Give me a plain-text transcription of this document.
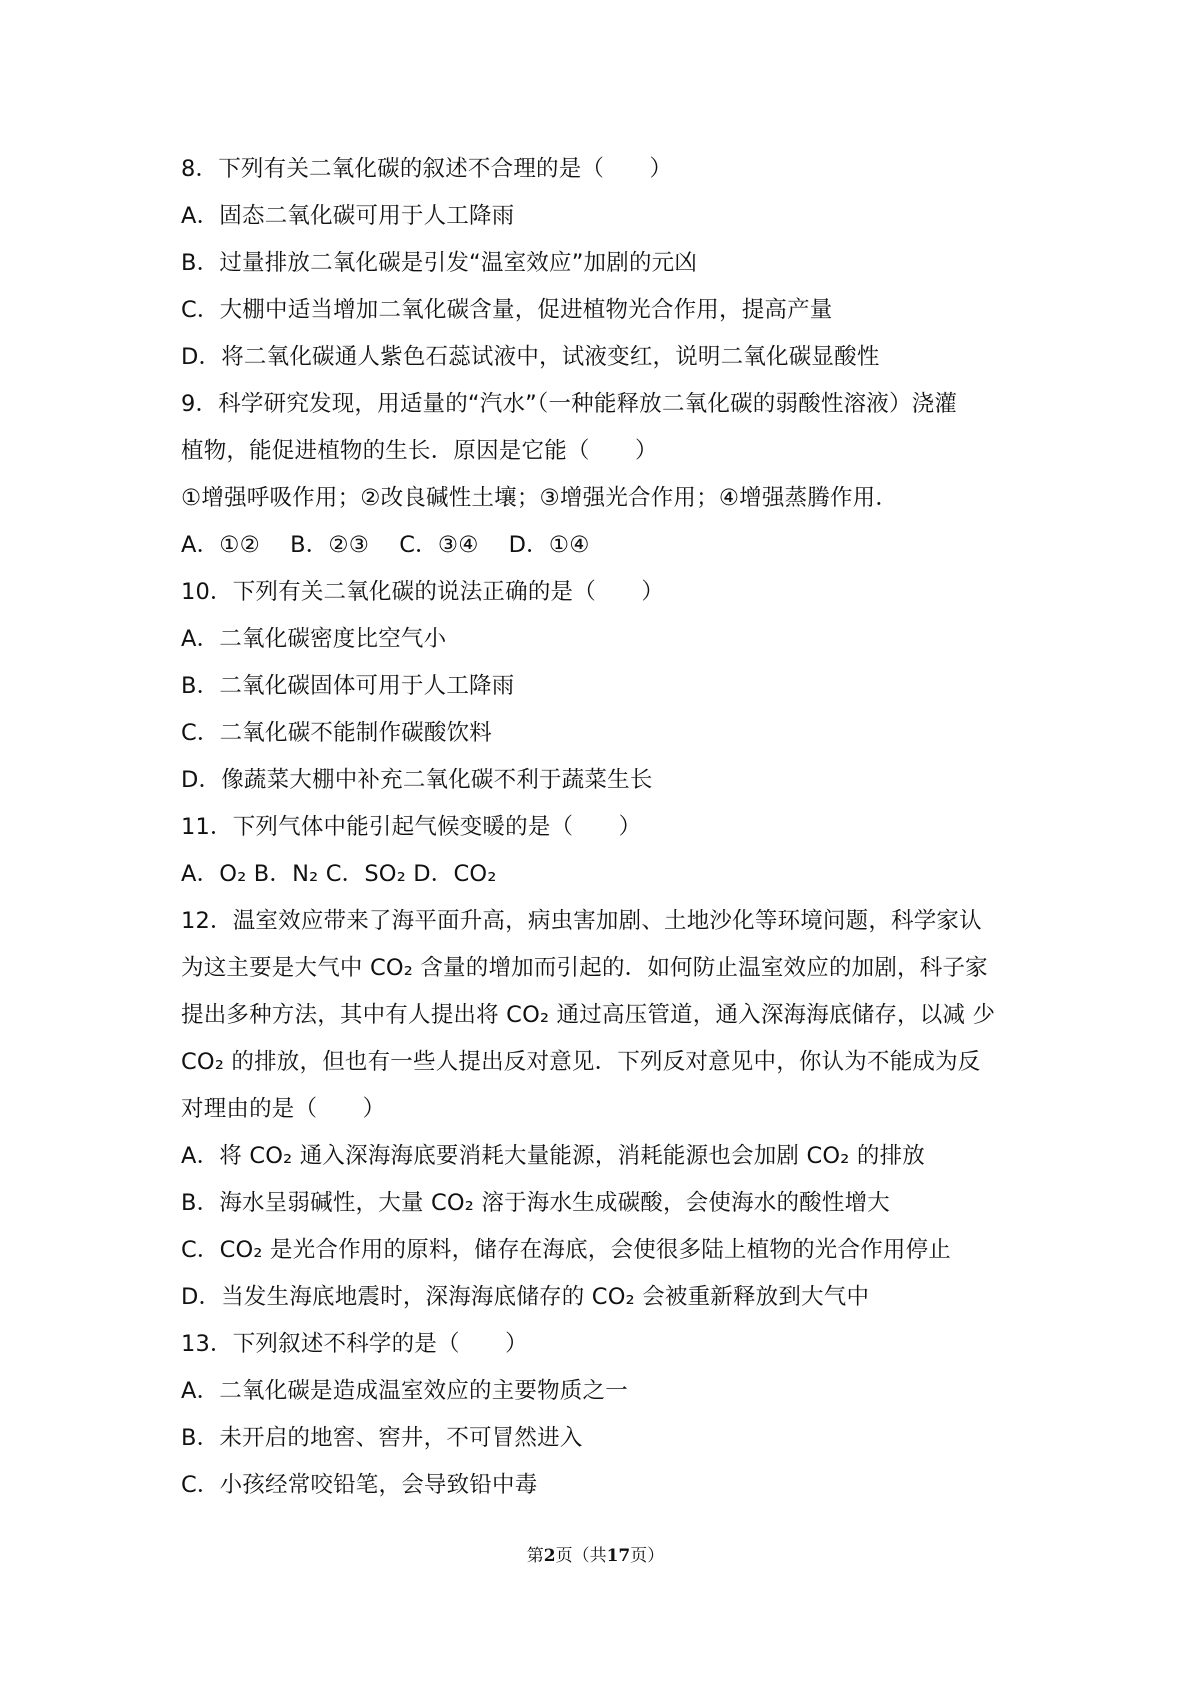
8．下列有关二氧化碳的叙述不合理的是（　　）
A．固态二氧化碳可用于人工降雨
B．过量排放二氧化碳是引发“温室效应”加剧的元凶
C．大棚中适当增加二氧化碳含量，促进植物光合作用，提高产量
D．将二氧化碳通人紫色石蕊试液中，试液变红，说明二氧化碳显酸性
9．科学研究发现，用适量的“汽水”（一种能释放二氧化碳的弱酸性溶液）浇灌
植物，能促进植物的生长．原因是它能（　　）
①增强呼吸作用；②改良碱性土壤；③增强光合作用；④增强蒸腾作用．
A．①②　 B．②③　 C．③④　 D．①④
10．下列有关二氧化碳的说法正确的是（　　）
A．二氧化碳密度比空气小
B．二氧化碳固体可用于人工降雨
C．二氧化碳不能制作碳酸饮料
D．像蔬菜大棚中补充二氧化碳不利于蔬菜生长
11．下列气体中能引起气候变暖的是（　　）
A．O₂ B．N₂ C．SO₂ D．CO₂
12．温室效应带来了海平面升高，病虫害加剧、土地沙化等环境问题，科学家认
为这主要是大气中 CO₂ 含量的增加而引起的．如何防止温室效应的加剧，科子家
提出多种方法，其中有人提出将 CO₂ 通过高压管道，通入深海海底储存，以减 少
CO₂ 的排放，但也有一些人提出反对意见．下列反对意见中，你认为不能成为反
对理由的是（　　）
A．将 CO₂ 通入深海海底要消耗大量能源，消耗能源也会加剧 CO₂ 的排放
B．海水呈弱碱性，大量 CO₂ 溶于海水生成碳酸，会使海水的酸性增大
C．CO₂ 是光合作用的原料，储存在海底，会使很多陆上植物的光合作用停止
D．当发生海底地震时，深海海底储存的 CO₂ 会被重新释放到大气中
13．下列叙述不科学的是（　　）
A．二氧化碳是造成温室效应的主要物质之一
B．未开启的地窖、窖井，不可冒然进入
C．小孩经常咬铅笔，会导致铅中毒
第2页（共17页）
